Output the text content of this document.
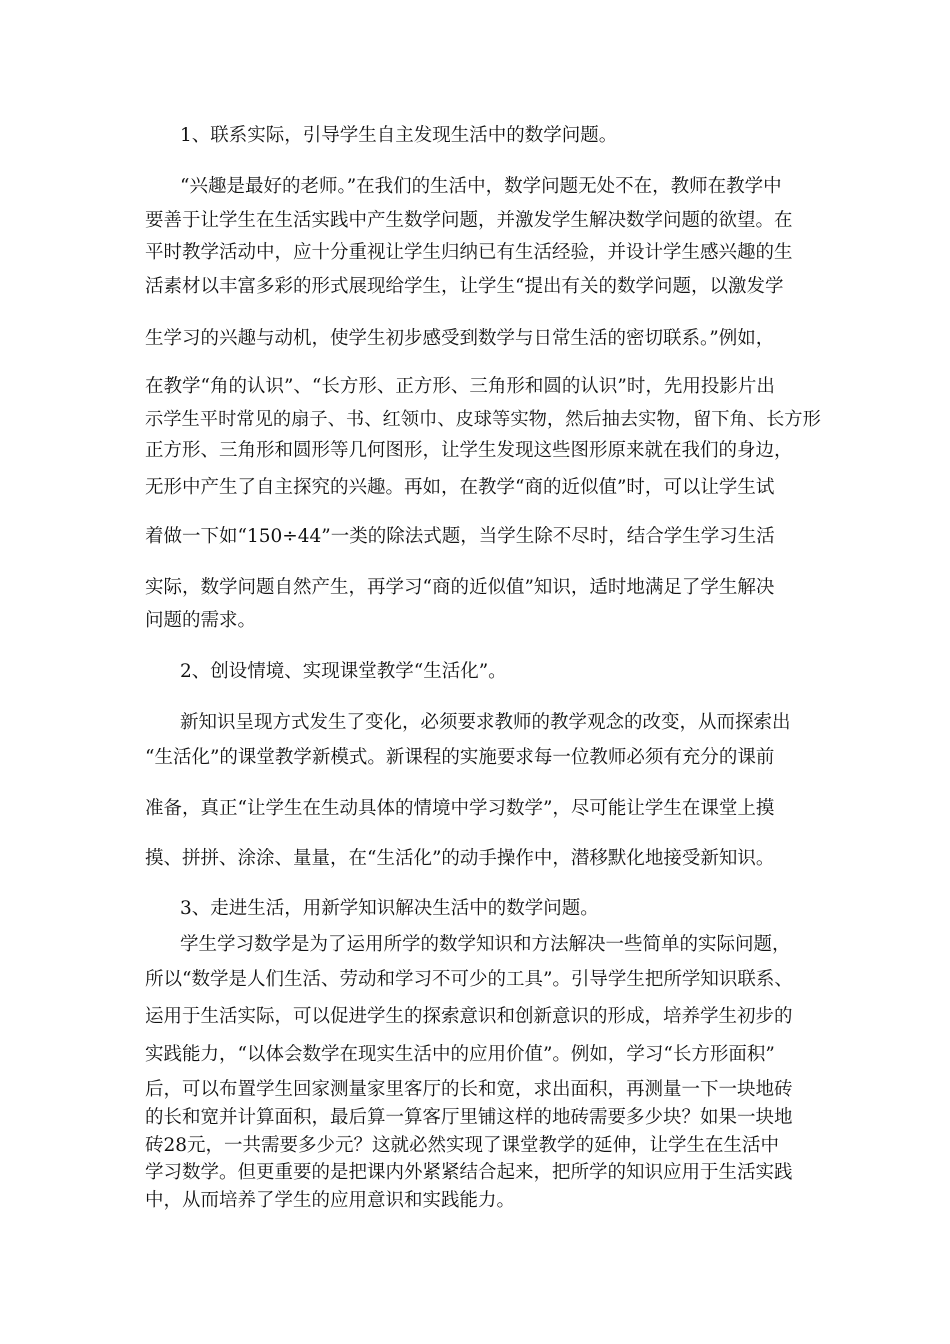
1、联系实际，引导学生自主发现生活中的数学问题。
“兴趣是最好的老师。”在我们的生活中，数学问题无处不在，教师在教学中
要善于让学生在生活实践中产生数学问题，并激发学生解决数学问题的欲望。在
平时教学活动中，应十分重视让学生归纳已有生活经验，并设计学生感兴趣的生
活素材以丰富多彩的形式展现给学生，让学生“提出有关的数学问题，以激发学
生学习的兴趣与动机，使学生初步感受到数学与日常生活的密切联系。”例如，
在教学“角的认识”、“长方形、正方形、三角形和圆的认识”时，先用投影片出
示学生平时常见的扇子、书、红领巾、皮球等实物，然后抽去实物，留下角、长方形
正方形、三角形和圆形等几何图形，让学生发现这些图形原来就在我们的身边，
无形中产生了自主探究的兴趣。再如，在教学“商的近似值”时，可以让学生试
着做一下如“150÷44”一类的除法式题，当学生除不尽时，结合学生学习生活
实际，数学问题自然产生，再学习“商的近似值”知识，适时地满足了学生解决
问题的需求。
2、创设情境、实现课堂教学“生活化”。
新知识呈现方式发生了变化，必须要求教师的教学观念的改变，从而探索出
“生活化”的课堂教学新模式。新课程的实施要求每一位教师必须有充分的课前
准备，真正“让学生在生动具体的情境中学习数学”，尽可能让学生在课堂上摸
摸、拼拼、涂涂、量量，在“生活化”的动手操作中，潜移默化地接受新知识。
3、走进生活，用新学知识解决生活中的数学问题。
学生学习数学是为了运用所学的数学知识和方法解决一些简单的实际问题，
所以“数学是人们生活、劳动和学习不可少的工具”。引导学生把所学知识联系、
运用于生活实际，可以促进学生的探索意识和创新意识的形成，培养学生初步的
实践能力，“以体会数学在现实生活中的应用价值”。例如，学习“长方形面积”
后，可以布置学生回家测量家里客厅的长和宽，求出面积，再测量一下一块地砖
的长和宽并计算面积，最后算一算客厅里铺这样的地砖需要多少块？如果一块地
砖28元，一共需要多少元？这就必然实现了课堂教学的延伸，让学生在生活中
学习数学。但更重要的是把课内外紧紧结合起来，把所学的知识应用于生活实践
中，从而培养了学生的应用意识和实践能力。
